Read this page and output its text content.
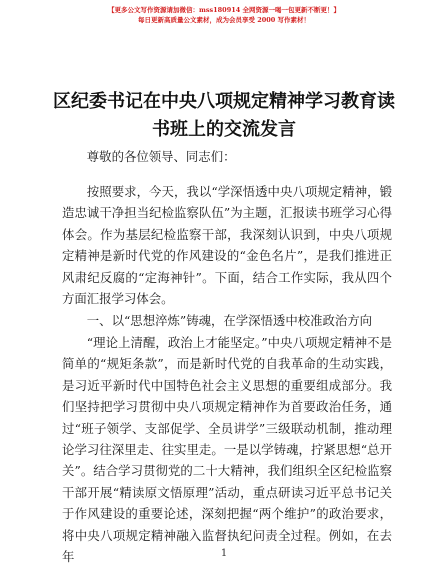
【更多公文写作资源请加微信：mss180914 全网资源一喝一包更新不断更！】
每日更新高质量公文素材，成为会员享受 2000 写作素材！
区纪委书记在中央八项规定精神学习教育读书班上的交流发言

尊敬的各位领导、同志们：

按照要求，今天，我以“学深悟透中央八项规定精神，锻造忠诚干净担当纪检监察队伍”为主题，汇报读书班学习心得体会。作为基层纪检监察干部，我深刻认识到，中央八项规定精神是新时代党的作风建设的“金色名片”，是我们推进正风肃纪反腐的“定海神针”。下面，结合工作实际，我从四个方面汇报学习体会。

一、以“思想淬炼”铸魂，在学深悟透中校准政治方向

“理论上清醒，政治上才能坚定。”中央八项规定精神不是简单的“规矩条款”，而是新时代党的自我革命的生动实践，是习近平新时代中国特色社会主义思想的重要组成部分。我们坚持把学习贯彻中央八项规定精神作为首要政治任务，通过“班子领学、支部促学、全员讲学”三级联动机制，推动理论学习往深里走、往实里走。一是以学铸魂，拧紧思想“总开关”。结合学习贯彻党的二十大精神，我们组织全区纪检监察干部开展“精读原文悟原理”活动，重点研读习近平总书记关于作风建设的重要论述，深刻把握“两个维护”的政治要求，将中央八项规定精神融入监督执纪问责全过程。例如，在去年	1
